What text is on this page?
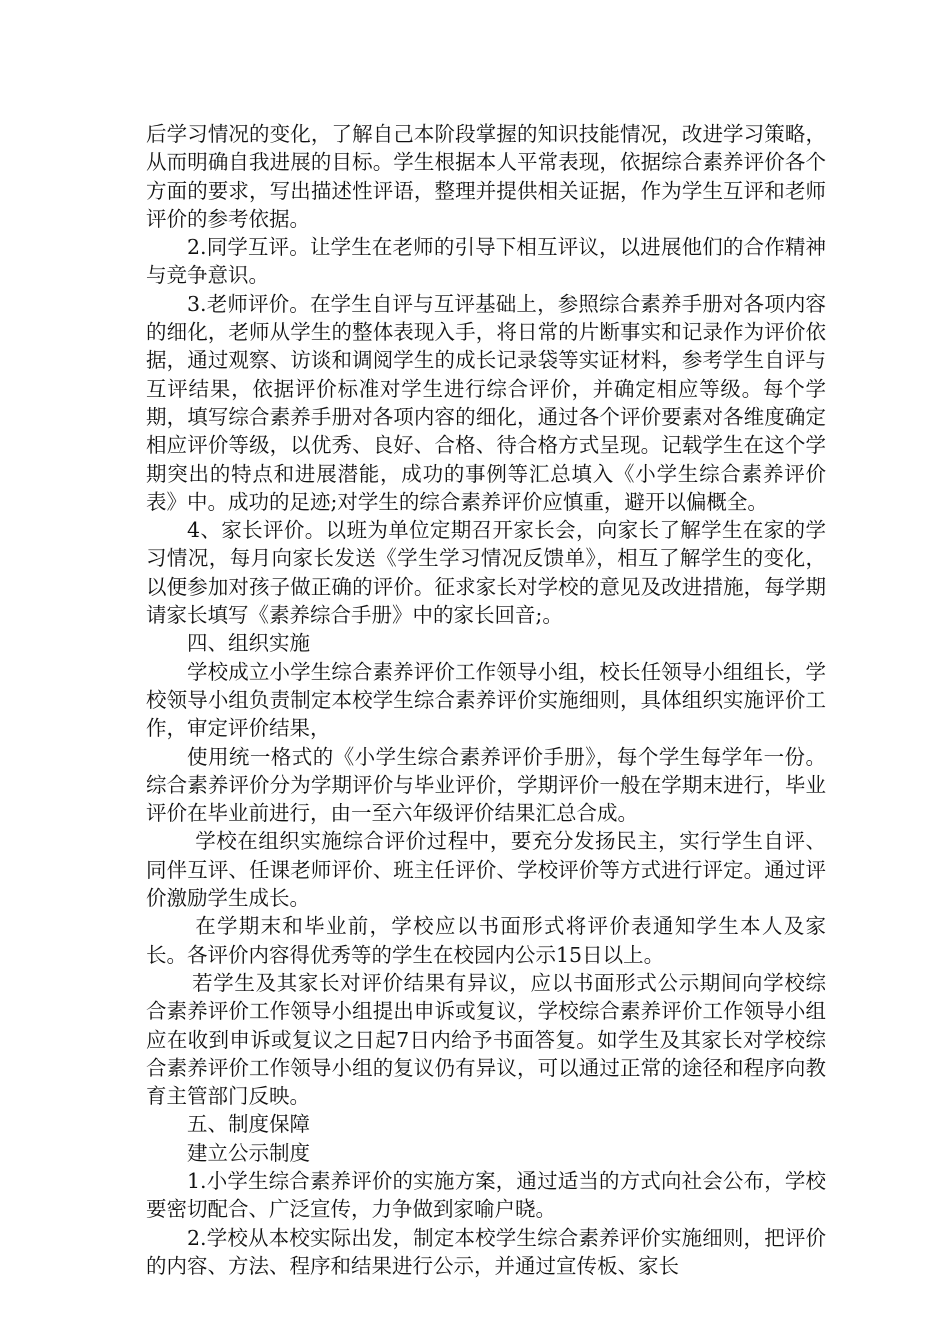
后学习情况的变化，了解自己本阶段掌握的知识技能情况，改进学习策略，从而明确自我进展的目标。学生根据本人平常表现，依据综合素养评价各个方面的要求，写出描述性评语，整理并提供相关证据，作为学生互评和老师评价的参考依据。

2.同学互评。让学生在老师的引导下相互评议，以进展他们的合作精神与竞争意识。

3.老师评价。在学生自评与互评基础上，参照综合素养手册对各项内容的细化，老师从学生的整体表现入手，将日常的片断事实和记录作为评价依据，通过观察、访谈和调阅学生的成长记录袋等实证材料，参考学生自评与互评结果，依据评价标准对学生进行综合评价，并确定相应等级。每个学期，填写综合素养手册对各项内容的细化，通过各个评价要素对各维度确定相应评价等级，以优秀、良好、合格、待合格方式呈现。记载学生在这个学期突出的特点和进展潜能，成功的事例等汇总填入《小学生综合素养评价表》中。成功的足迹;对学生的综合素养评价应慎重，避开以偏概全。

4、家长评价。以班为单位定期召开家长会，向家长了解学生在家的学习情况，每月向家长发送《学生学习情况反馈单》，相互了解学生的变化，以便参加对孩子做正确的评价。征求家长对学校的意见及改进措施，每学期请家长填写《素养综合手册》中的家长回音;。

四、组织实施

学校成立小学生综合素养评价工作领导小组，校长任领导小组组长，学校领导小组负责制定本校学生综合素养评价实施细则，具体组织实施评价工作，审定评价结果，

使用统一格式的《小学生综合素养评价手册》，每个学生每学年一份。综合素养评价分为学期评价与毕业评价，学期评价一般在学期末进行，毕业评价在毕业前进行，由一至六年级评价结果汇总合成。

学校在组织实施综合评价过程中，要充分发扬民主，实行学生自评、同伴互评、任课老师评价、班主任评价、学校评价等方式进行评定。通过评价激励学生成长。

在学期末和毕业前，学校应以书面形式将评价表通知学生本人及家长。各评价内容得优秀等的学生在校园内公示15日以上。

若学生及其家长对评价结果有异议，应以书面形式公示期间向学校综合素养评价工作领导小组提出申诉或复议，学校综合素养评价工作领导小组应在收到申诉或复议之日起7日内给予书面答复。如学生及其家长对学校综合素养评价工作领导小组的复议仍有异议，可以通过正常的途径和程序向教育主管部门反映。

五、制度保障

建立公示制度

1.小学生综合素养评价的实施方案，通过适当的方式向社会公布，学校要密切配合、广泛宣传，力争做到家喻户晓。

2.学校从本校实际出发，制定本校学生综合素养评价实施细则，把评价的内容、方法、程序和结果进行公示，并通过宣传板、家长
